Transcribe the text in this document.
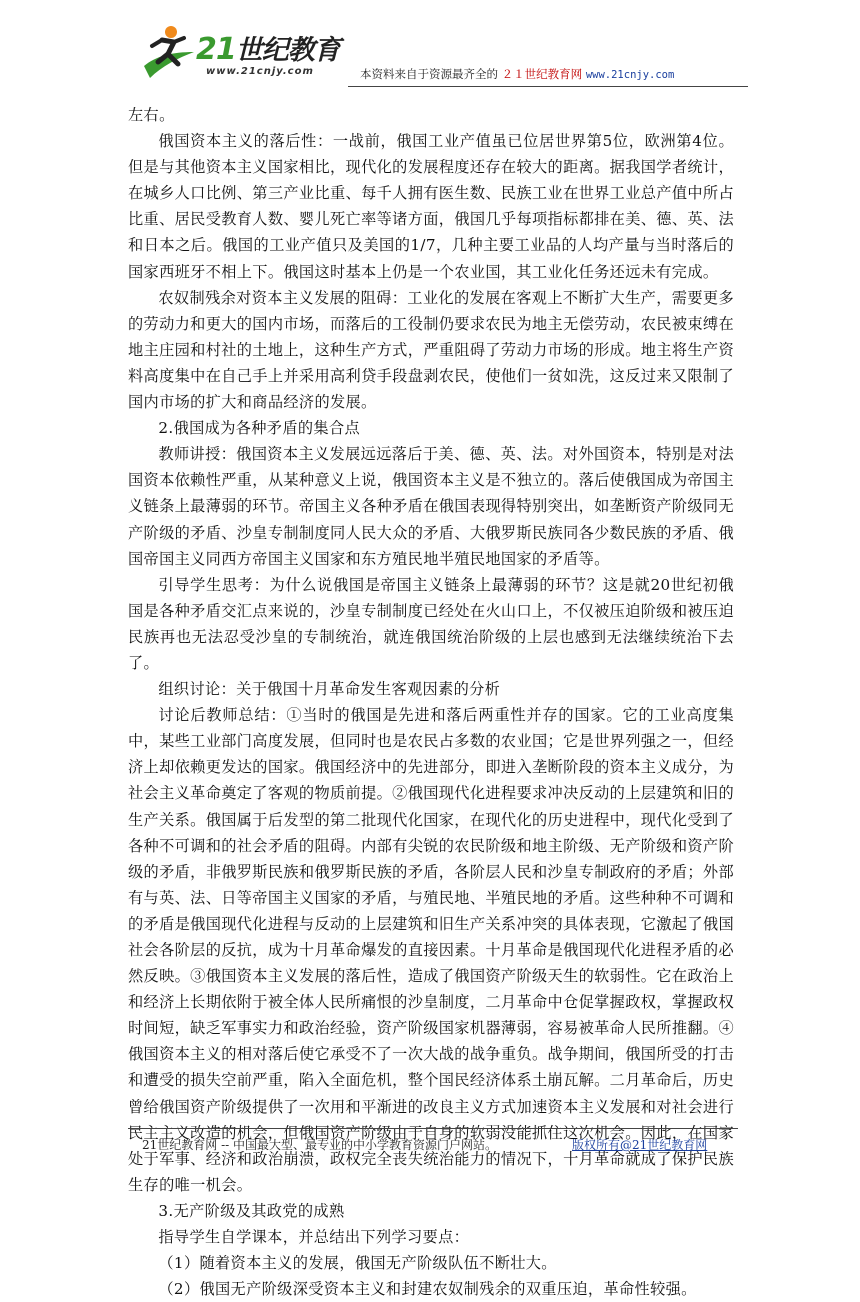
21世纪教育
www.21cnjy.com	本资料来自于资源最齐全的 ２１世纪教育网 www.21cnjy.com

左右。

俄国资本主义的落后性：一战前，俄国工业产值虽已位居世界第5位，欧洲第4位。但是与其他资本主义国家相比，现代化的发展程度还存在较大的距离。据我国学者统计，在城乡人口比例、第三产业比重、每千人拥有医生数、民族工业在世界工业总产值中所占比重、居民受教育人数、婴儿死亡率等诸方面，俄国几乎每项指标都排在美、德、英、法和日本之后。俄国的工业产值只及美国的1/7，几种主要工业品的人均产量与当时落后的国家西班牙不相上下。俄国这时基本上仍是一个农业国，其工业化任务还远未有完成。

农奴制残余对资本主义发展的阻碍：工业化的发展在客观上不断扩大生产，需要更多的劳动力和更大的国内市场，而落后的工役制仍要求农民为地主无偿劳动，农民被束缚在地主庄园和村社的土地上，这种生产方式，严重阻碍了劳动力市场的形成。地主将生产资料高度集中在自己手上并采用高利贷手段盘剥农民，使他们一贫如洗，这反过来又限制了国内市场的扩大和商品经济的发展。

2.俄国成为各种矛盾的集合点

教师讲授：俄国资本主义发展远远落后于美、德、英、法。对外国资本，特别是对法国资本依赖性严重，从某种意义上说，俄国资本主义是不独立的。落后使俄国成为帝国主义链条上最薄弱的环节。帝国主义各种矛盾在俄国表现得特别突出，如垄断资产阶级同无产阶级的矛盾、沙皇专制制度同人民大众的矛盾、大俄罗斯民族同各少数民族的矛盾、俄国帝国主义同西方帝国主义国家和东方殖民地半殖民地国家的矛盾等。

引导学生思考：为什么说俄国是帝国主义链条上最薄弱的环节？这是就20世纪初俄国是各种矛盾交汇点来说的，沙皇专制制度已经处在火山口上，不仅被压迫阶级和被压迫民族再也无法忍受沙皇的专制统治，就连俄国统治阶级的上层也感到无法继续统治下去了。

组织讨论：关于俄国十月革命发生客观因素的分析

讨论后教师总结：①当时的俄国是先进和落后两重性并存的国家。它的工业高度集中，某些工业部门高度发展，但同时也是农民占多数的农业国；它是世界列强之一，但经济上却依赖更发达的国家。俄国经济中的先进部分，即进入垄断阶段的资本主义成分，为社会主义革命奠定了客观的物质前提。②俄国现代化进程要求冲决反动的上层建筑和旧的生产关系。俄国属于后发型的第二批现代化国家，在现代化的历史进程中，现代化受到了各种不可调和的社会矛盾的阻碍。内部有尖锐的农民阶级和地主阶级、无产阶级和资产阶级的矛盾，非俄罗斯民族和俄罗斯民族的矛盾，各阶层人民和沙皇专制政府的矛盾；外部有与英、法、日等帝国主义国家的矛盾，与殖民地、半殖民地的矛盾。这些种种不可调和的矛盾是俄国现代化进程与反动的上层建筑和旧生产关系冲突的具体表现，它激起了俄国社会各阶层的反抗，成为十月革命爆发的直接因素。十月革命是俄国现代化进程矛盾的必然反映。③俄国资本主义发展的落后性，造成了俄国资产阶级天生的软弱性。它在政治上和经济上长期依附于被全体人民所痛恨的沙皇制度，二月革命中仓促掌握政权，掌握政权时间短，缺乏军事实力和政治经验，资产阶级国家机器薄弱，容易被革命人民所推翻。④俄国资本主义的相对落后使它承受不了一次大战的战争重负。战争期间，俄国所受的打击和遭受的损失空前严重，陷入全面危机，整个国民经济体系土崩瓦解。二月革命后，历史曾给俄国资产阶级提供了一次用和平渐进的改良主义方式加速资本主义发展和对社会进行民主主义改造的机会，但俄国资产阶级由于自身的软弱没能抓住这次机会。因此，在国家处于军事、经济和政治崩溃，政权完全丧失统治能力的情况下，十月革命就成了保护民族生存的唯一机会。

3.无产阶级及其政党的成熟

指导学生自学课本，并总结出下列学习要点：

（1）随着资本主义的发展，俄国无产阶级队伍不断壮大。

（2）俄国无产阶级深受资本主义和封建农奴制残余的双重压迫，革命性较强。

21世纪教育网 -- 中国最大型、最专业的中小学教育资源门户网站。	版权所有@21世纪教育网
